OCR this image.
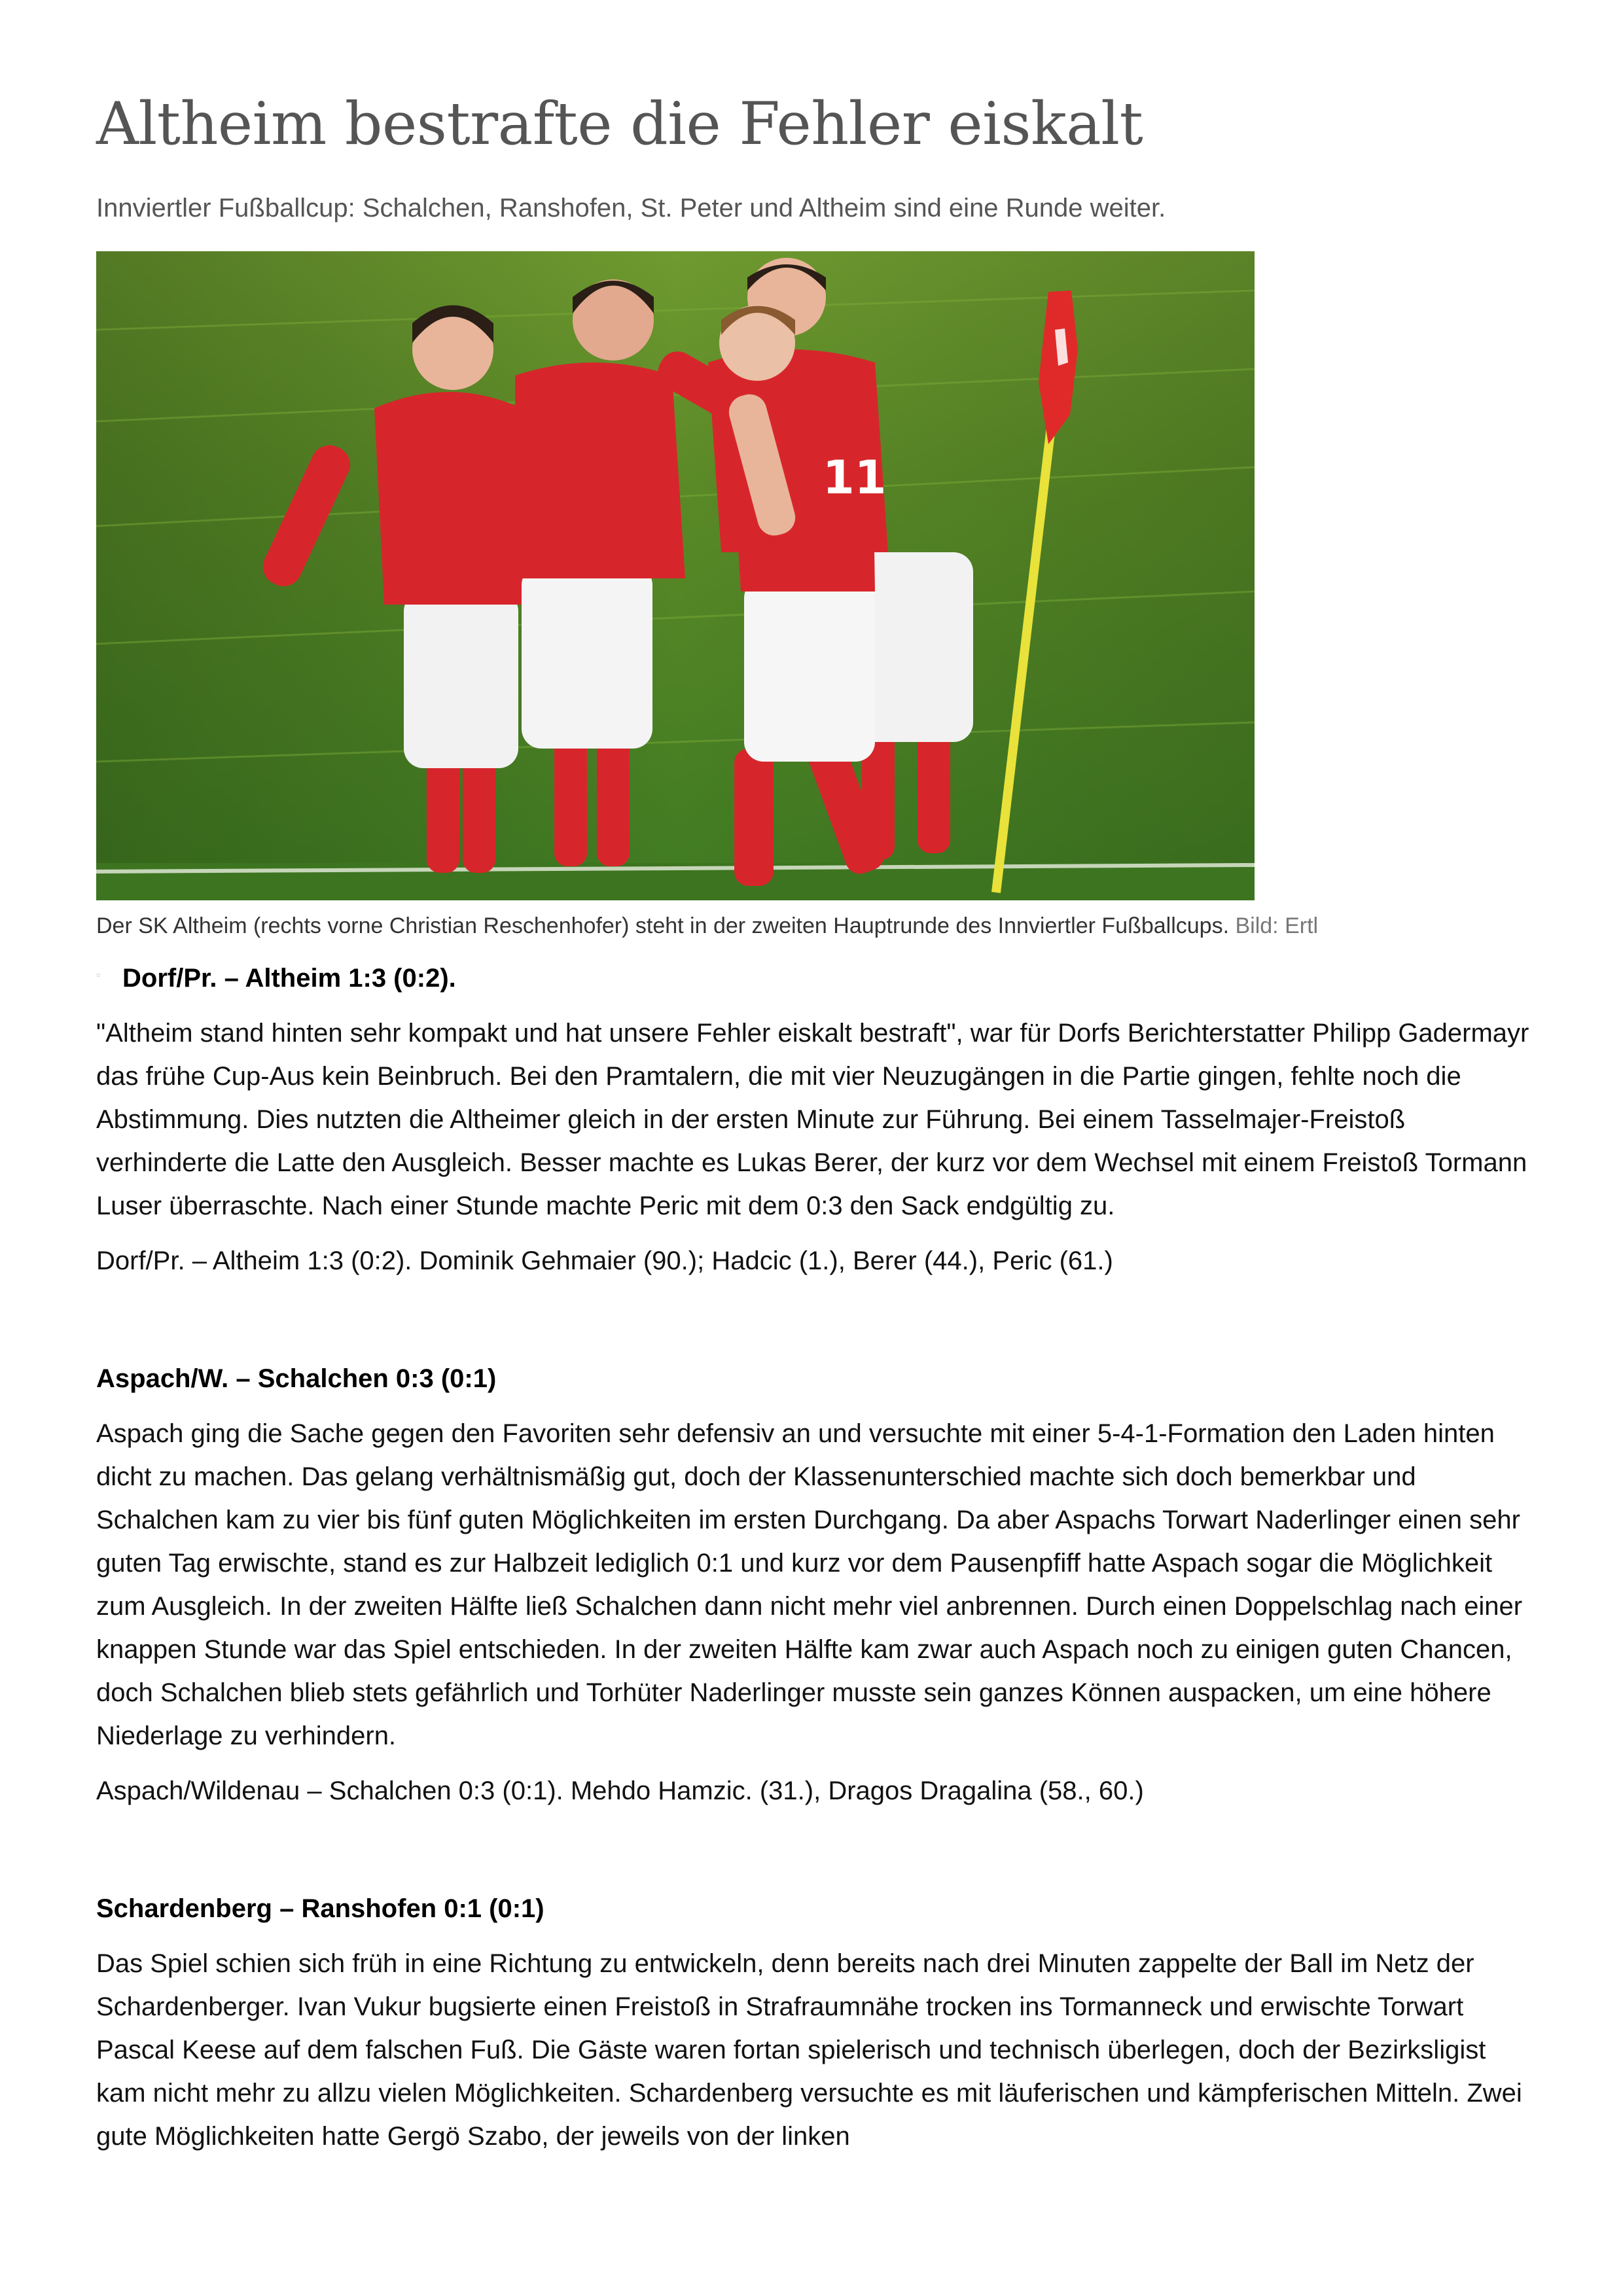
Altheim bestrafte die Fehler eiskalt

Innviertler Fußballcup: Schalchen, Ranshofen, St. Peter und Altheim sind eine Runde weiter.

11
Der SK Altheim (rechts vorne Christian Reschenhofer) steht in der zweiten Hauptrunde des Innviertler Fußballcups. Bild: Ertl
▫ Dorf/Pr. – Altheim 1:3 (0:2).

"Altheim stand hinten sehr kompakt und hat unsere Fehler eiskalt bestraft", war für Dorfs Berichterstatter Philipp Gadermayr das frühe Cup-Aus kein Beinbruch. Bei den Pramtalern, die mit vier Neuzugängen in die Partie gingen, fehlte noch die Abstimmung. Dies nutzten die Altheimer gleich in der ersten Minute zur Führung. Bei einem Tasselmajer-Freistoß verhinderte die Latte den Ausgleich. Besser machte es Lukas Berer, der kurz vor dem Wechsel mit einem Freistoß Tormann Luser überraschte. Nach einer Stunde machte Peric mit dem 0:3 den Sack endgültig zu.

Dorf/Pr. – Altheim 1:3 (0:2). Dominik Gehmaier (90.); Hadcic (1.), Berer (44.), Peric (61.)

Aspach/W. – Schalchen 0:3 (0:1)

Aspach ging die Sache gegen den Favoriten sehr defensiv an und versuchte mit einer 5-4-1-Formation den Laden hinten dicht zu machen. Das gelang verhältnismäßig gut, doch der Klassenunterschied machte sich doch bemerkbar und Schalchen kam zu vier bis fünf guten Möglichkeiten im ersten Durchgang. Da aber Aspachs Torwart Naderlinger einen sehr guten Tag erwischte, stand es zur Halbzeit lediglich 0:1 und kurz vor dem Pausenpfiff hatte Aspach sogar die Möglichkeit zum Ausgleich. In der zweiten Hälfte ließ Schalchen dann nicht mehr viel anbrennen. Durch einen Doppelschlag nach einer knappen Stunde war das Spiel entschieden. In der zweiten Hälfte kam zwar auch Aspach noch zu einigen guten Chancen, doch Schalchen blieb stets gefährlich und Torhüter Naderlinger musste sein ganzes Können auspacken, um eine höhere Niederlage zu verhindern.

Aspach/Wildenau – Schalchen 0:3 (0:1). Mehdo Hamzic. (31.), Dragos Dragalina (58., 60.)

Schardenberg – Ranshofen 0:1 (0:1)

Das Spiel schien sich früh in eine Richtung zu entwickeln, denn bereits nach drei Minuten zappelte der Ball im Netz der Schardenberger. Ivan Vukur bugsierte einen Freistoß in Strafraumnähe trocken ins Tormanneck und erwischte Torwart Pascal Keese auf dem falschen Fuß. Die Gäste waren fortan spielerisch und technisch überlegen, doch der Bezirksligist kam nicht mehr zu allzu vielen Möglichkeiten. Schardenberg versuchte es mit läuferischen und kämpferischen Mitteln. Zwei gute Möglichkeiten hatte Gergö Szabo, der jeweils von der linken
